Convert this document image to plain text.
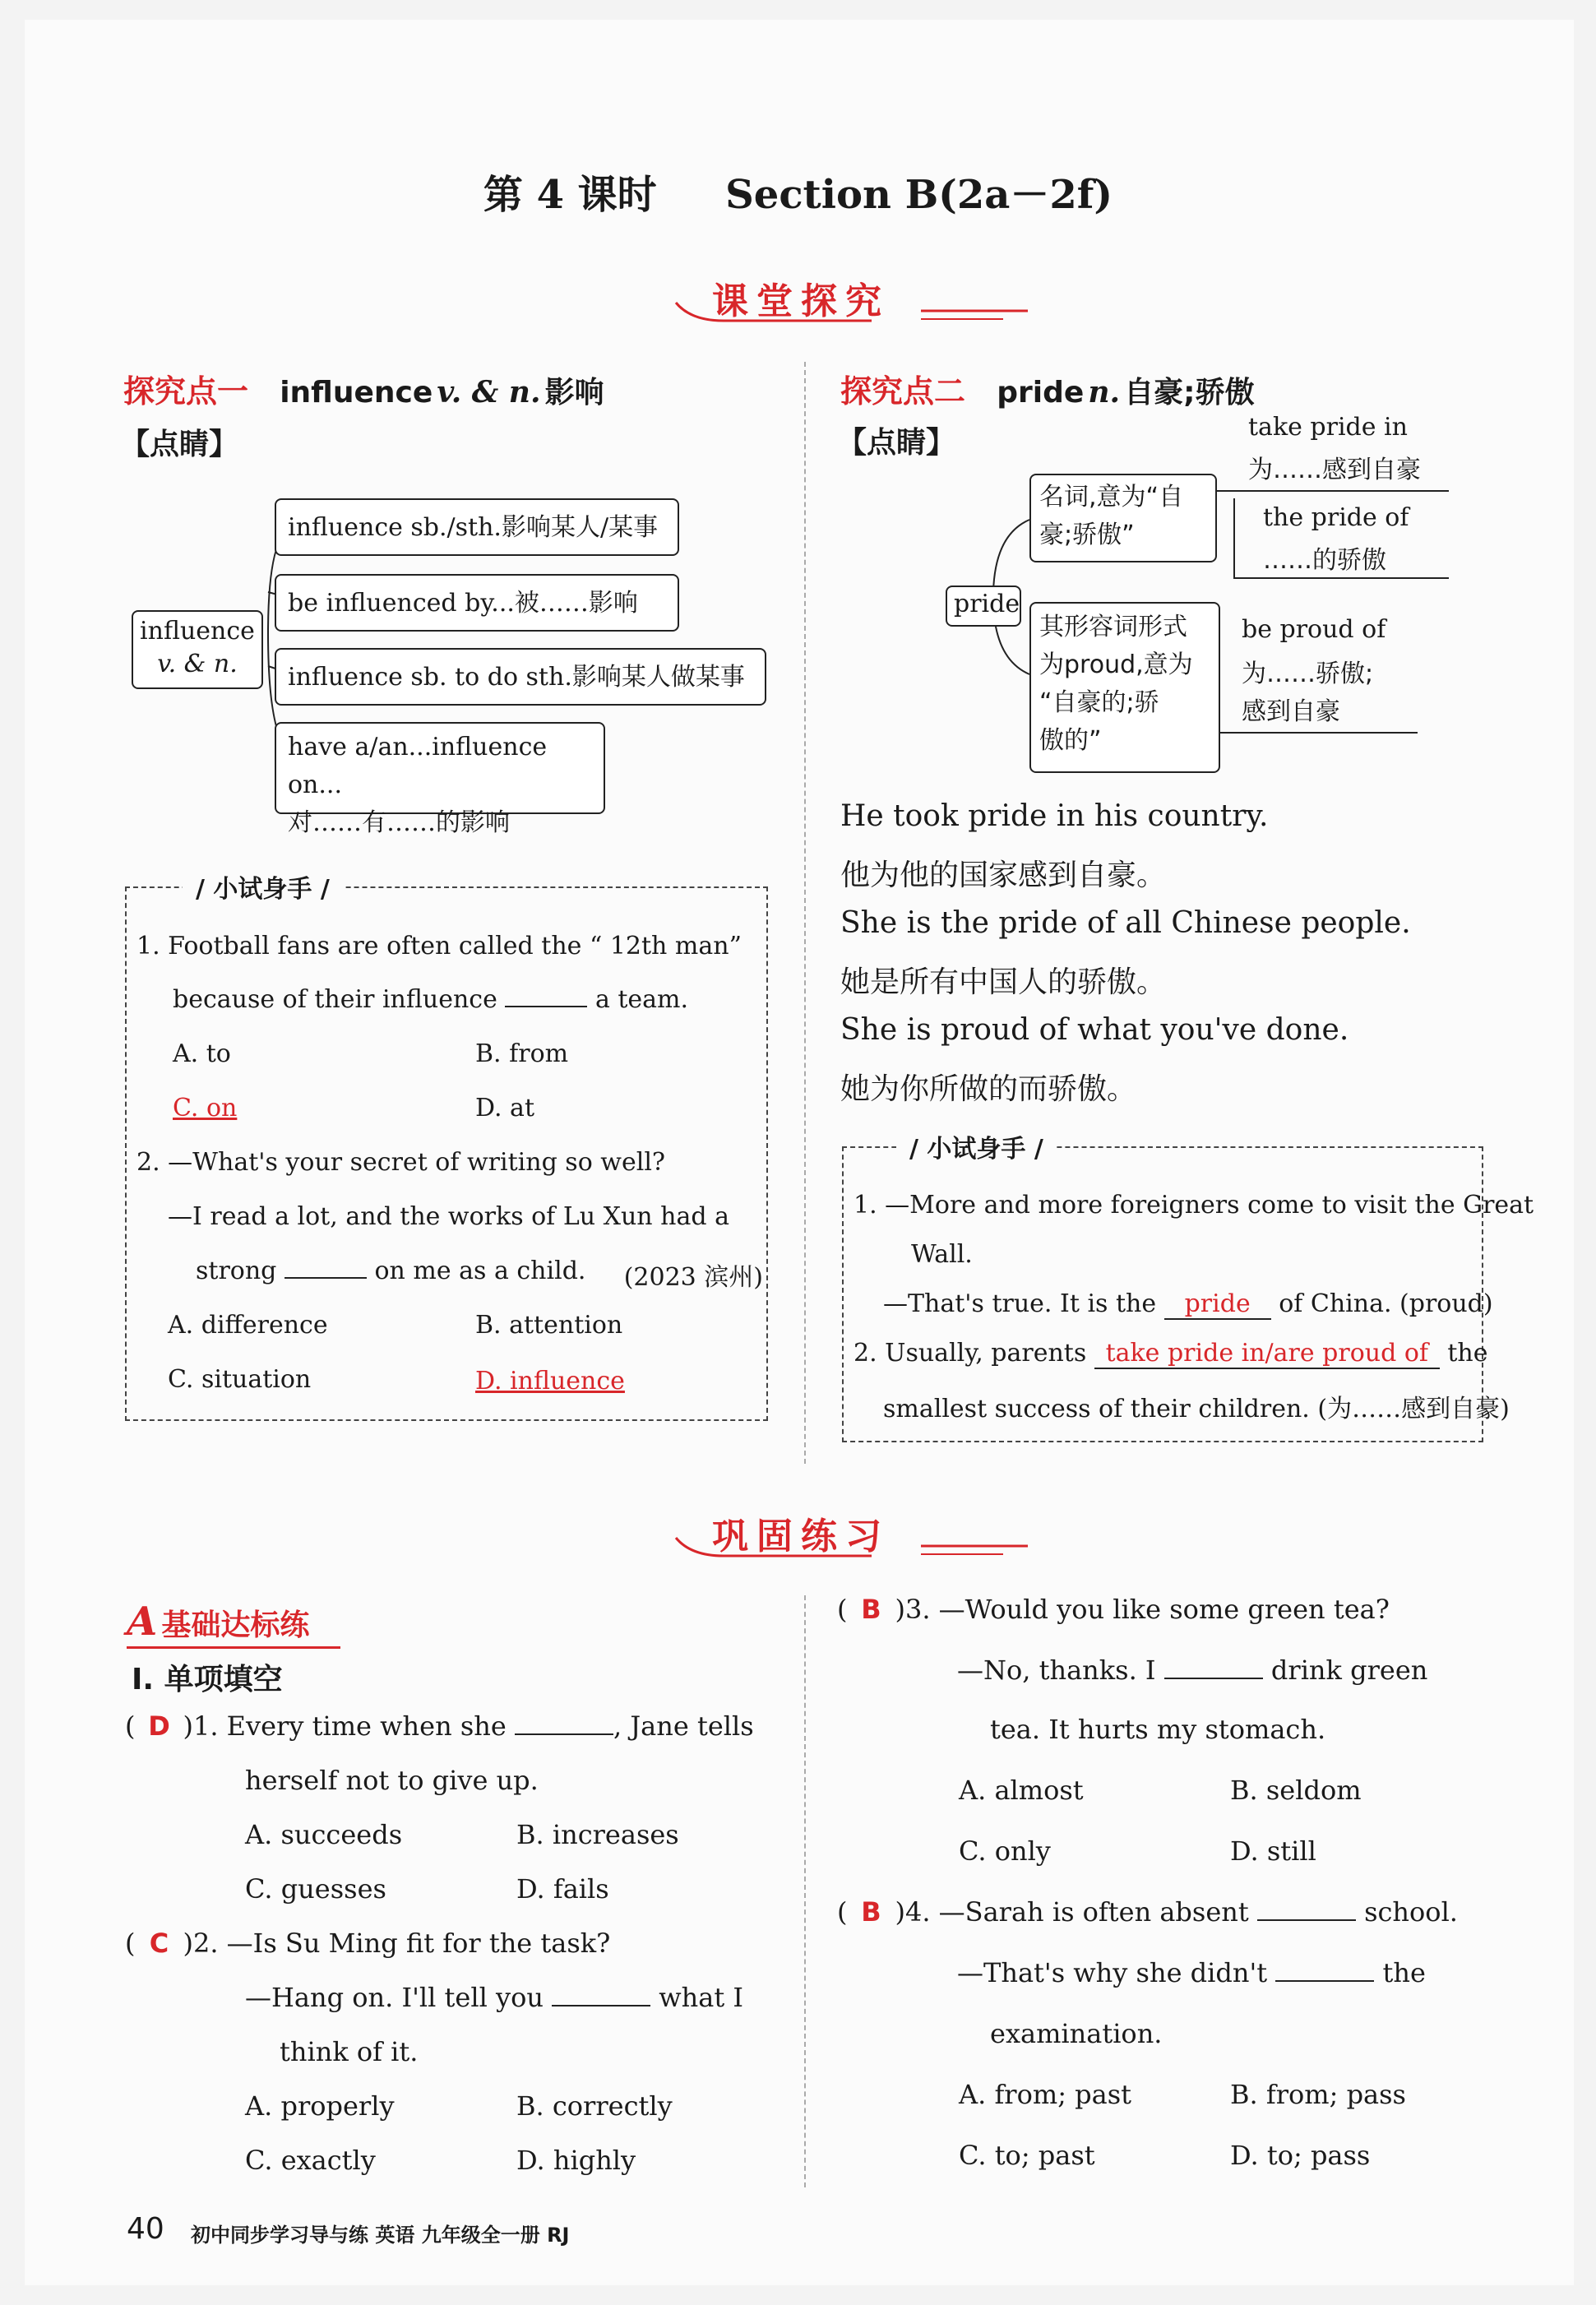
第 4 课时 Section B(2a－2f)
课堂探究
探究点一 influence v. & n. 影响
【点睛】
influence
v. & n.
influence sb./sth.影响某人/某事
be influenced by...被……影响
influence sb. to do sth.影响某人做某事
have a/an...influence on...
对……有……的影响
/ 小试身手 /
1. Football fans are often called the “ 12th man”
because of their influence	a team.
A. to	B. from
C. on	D. at
2. —What's your secret of writing so well?
—I read a lot, and the works of Lu Xun had a
strong	on me as a child. (2023 滨州)
A. difference	B. attention
C. situation	D. influence
探究点二 pride n. 自豪;骄傲
【点睛】
pride
名词,意为“自
豪;骄傲”
其形容词形式
为proud,意为
“自豪的;骄
傲的”
take pride in
为……感到自豪
the pride of
……的骄傲
be proud of
为……骄傲;
感到自豪
He took pride in his country.
他为他的国家感到自豪。
She is the pride of all Chinese people.
她是所有中国人的骄傲。
She is proud of what you've done.
她为你所做的而骄傲。
/ 小试身手 /
1. —More and more foreigners come to visit the Great
Wall.
—That's true. It is the pride of China. (proud)
2. Usually, parents take pride in/are proud of the
smallest success of their children. (为……感到自豪)
巩固练习
A 基础达标练
Ⅰ. 单项填空
( D )1. Every time when she	, Jane tells
herself not to give up.
A. succeeds	B. increases
C. guesses	D. fails
( C )2. —Is Su Ming fit for the task?
—Hang on. I'll tell you	what I
think of it.
A. properly	B. correctly
C. exactly	D. highly
( B )3. —Would you like some green tea?
—No, thanks. I	drink green
tea. It hurts my stomach.
A. almost	B. seldom
C. only	D. still
( B )4. —Sarah is often absent	school.
—That's why she didn't	the
examination.
A. from; past	B. from; pass
C. to; past	D. to; pass
40 初中同步学习导与练 英语 九年级全一册 RJ
